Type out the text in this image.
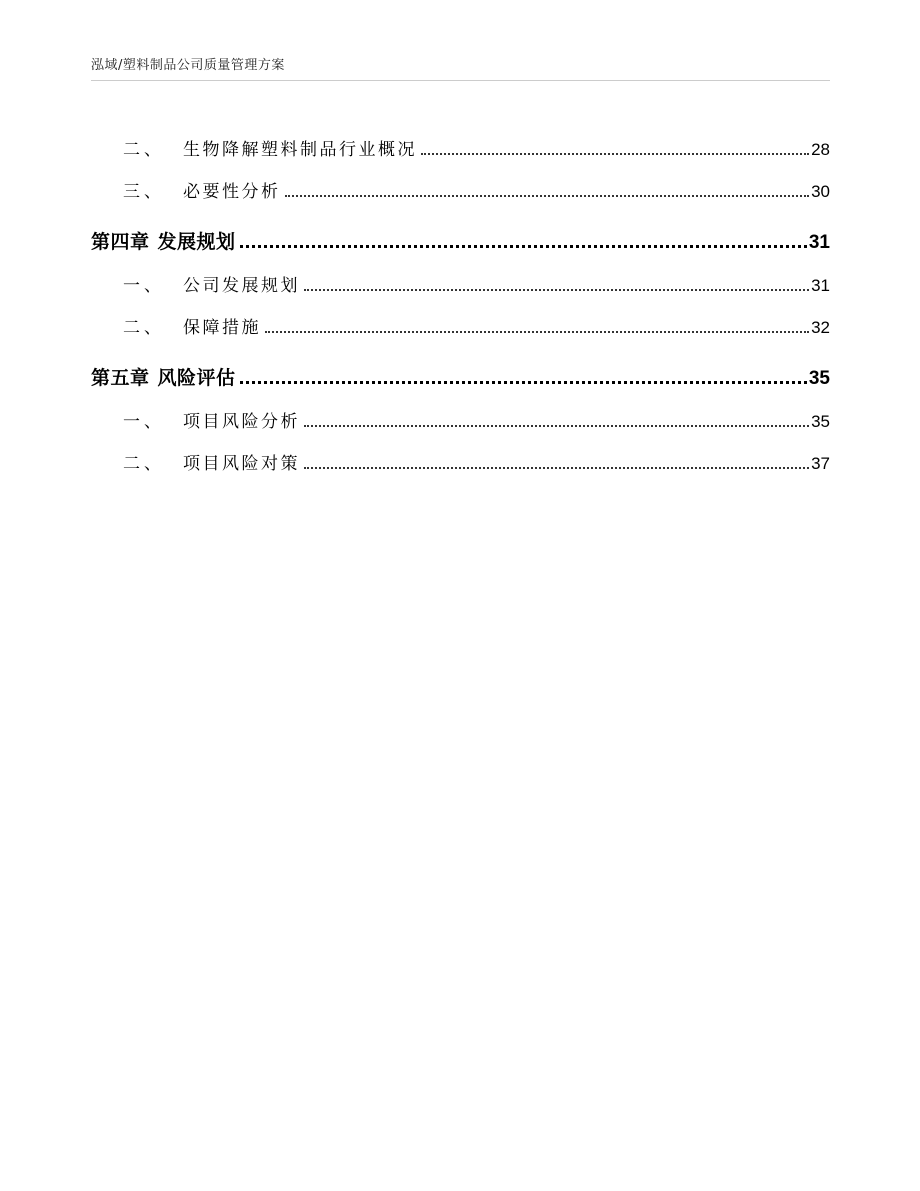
泓域/塑料制品公司质量管理方案
二、 生物降解塑料制品行业概况	28
三、 必要性分析	30
第四章 发展规划	31
一、 公司发展规划	31
二、 保障措施	32
第五章 风险评估	35
一、 项目风险分析	35
二、 项目风险对策	37
